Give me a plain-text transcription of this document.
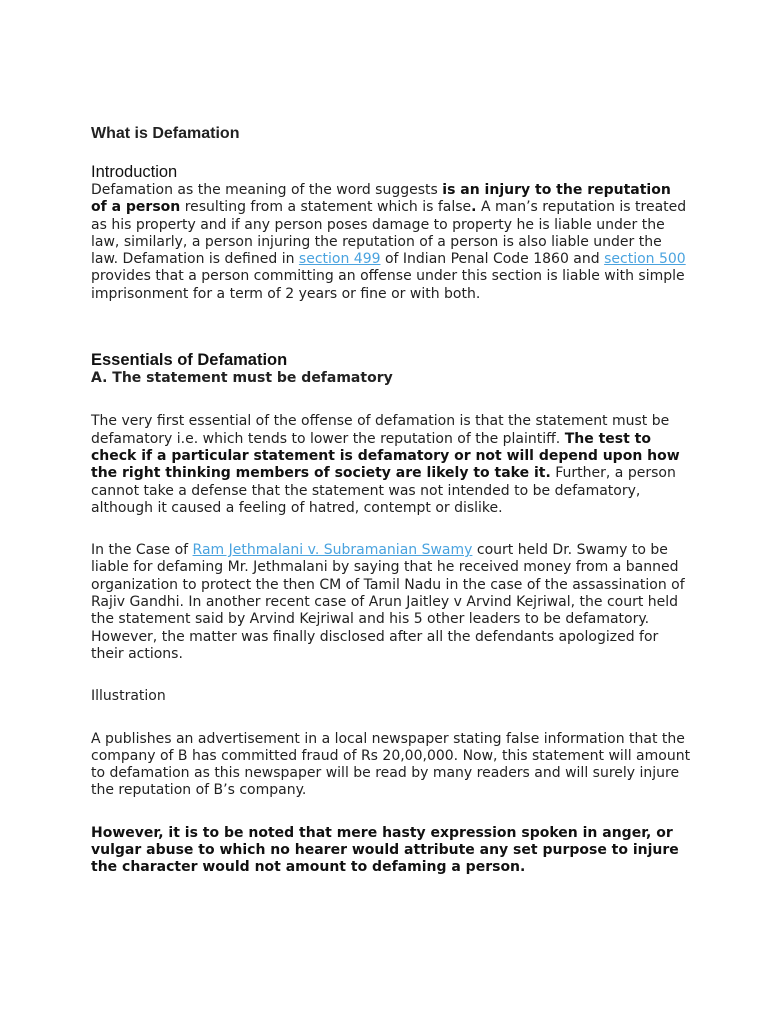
What is Defamation
Introduction

Defamation as the meaning of the word suggests is an injury to the reputation of a person resulting from a statement which is false. A man’s reputation is treated as his property and if any person poses damage to property he is liable under the law, similarly, a person injuring the reputation of a person is also liable under the law. Defamation is defined in section 499 of Indian Penal Code 1860 and section 500 provides that a person committing an offense under this section is liable with simple imprisonment for a term of 2 years or fine or with both.

Essentials of Defamation

A. The statement must be defamatory

The very first essential of the offense of defamation is that the statement must be defamatory i.e. which tends to lower the reputation of the plaintiff. The test to check if a particular statement is defamatory or not will depend upon how the right thinking members of society are likely to take it. Further, a person cannot take a defense that the statement was not intended to be defamatory, although it caused a feeling of hatred, contempt or dislike.

In the Case of Ram Jethmalani v. Subramanian Swamy court held Dr. Swamy to be liable for defaming Mr. Jethmalani by saying that he received money from a banned organization to protect the then CM of Tamil Nadu in the case of the assassination of Rajiv Gandhi. In another recent case of Arun Jaitley v Arvind Kejriwal, the court held the statement said by Arvind Kejriwal and his 5 other leaders to be defamatory. However, the matter was finally disclosed after all the defendants apologized for their actions.

Illustration

A publishes an advertisement in a local newspaper stating false information that the company of B has committed fraud of Rs 20,00,000. Now, this statement will amount to defamation as this newspaper will be read by many readers and will surely injure the reputation of B’s company.

However, it is to be noted that mere hasty expression spoken in anger, or vulgar abuse to which no hearer would attribute any set purpose to injure the character would not amount to defaming a person.
